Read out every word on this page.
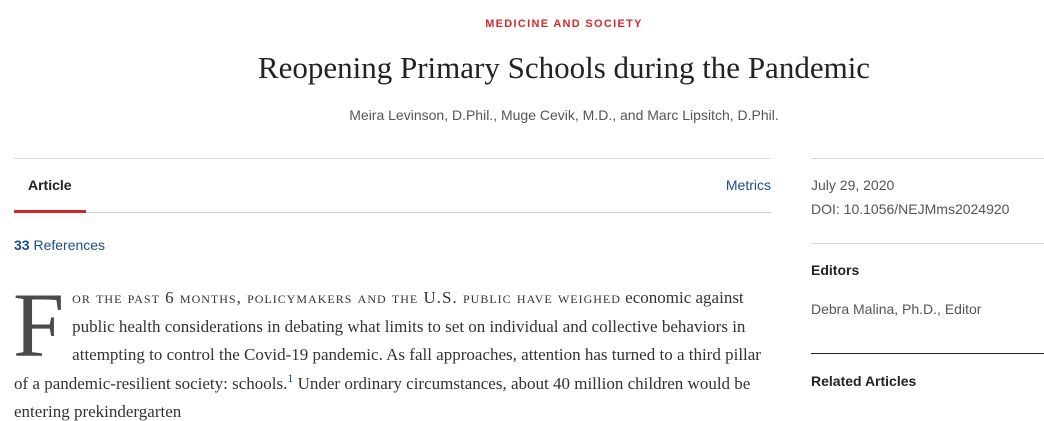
MEDICINE AND SOCIETY
Reopening Primary Schools during the Pandemic
Meira Levinson, D.Phil., Muge Cevik, M.D., and Marc Lipsitch, D.Phil.
Article	Metrics
33 References
F or the past 6 months, policymakers and the U.S. public have weighed economic against public health considerations in debating what limits to set on individual and collective behaviors in attempting to control the Covid-19 pandemic. As fall approaches, attention has turned to a third pillar of a pandemic-resilient society: schools.$^1$ Under ordinary circumstances, about 40 million children would be entering prekindergarten
July 29, 2020
DOI: 10.1056/NEJMms2024920
Editors
Debra Malina, Ph.D., Editor
Related Articles
